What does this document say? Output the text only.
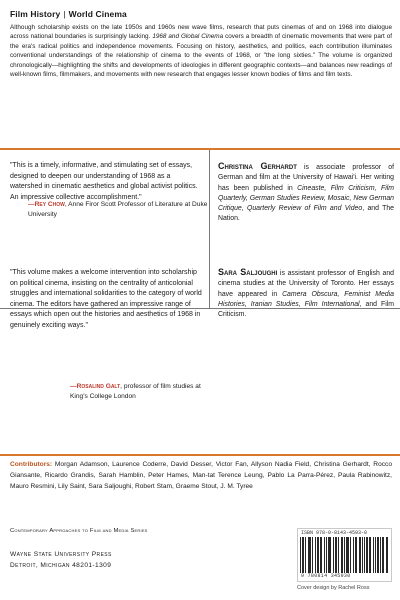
Film History | World Cinema
Although scholarship exists on the late 1950s and 1960s new wave films, research that puts cinemas of and on 1968 into dialogue across national boundaries is surprisingly lacking. 1968 and Global Cinema covers a breadth of cinematic movements that were part of the era's radical politics and independence movements. Focusing on history, aesthetics, and politics, each contribution illuminates conventional understandings of the relationship of cinema to the events of 1968, or "the long sixties." The volume is organized chronologically—highlighting the shifts and developments of ideologies in different geographic contexts—and balances new readings of well-known films, filmmakers, and movements with new research that engages lesser known bodies of films and film texts.
"This is a timely, informative, and stimulating set of essays, designed to deepen our understanding of 1968 as a watershed in cinematic aesthetics and global activist politics. An impressive collective accomplishment."
—Rey Chow, Anne Firor Scott Professor of Literature at Duke University
"This volume makes a welcome intervention into scholarship on political cinema, insisting on the centrality of anticolonial struggles and international solidarities to the category of world cinema. The editors have gathered an impressive range of essays which open out the histories and aesthetics of 1968 in genuinely exciting ways."
—Rosalind Galt, professor of film studies at King's College London
Christina Gerhardt is associate professor of German and film at the University of Hawai'i. Her writing has been published in Cineaste, Film Criticism, Film Quarterly, German Studies Review, Mosaic, New German Critique, Quarterly Review of Film and Video, and The Nation.
Sara Saljoughi is assistant professor of English and cinema studies at the University of Toronto. Her essays have appeared in Camera Obscura, Feminist Media Histories, Iranian Studies, Film International, and Film Criticism.
Contributors: Morgan Adamson, Laurence Coderre, David Desser, Victor Fan, Allyson Nadia Field, Christina Gerhardt, Rocco Giansante, Ricardo Grandis, Sarah Hamblin, Peter Hames, Man-tat Terence Leung, Pablo La Parra-Pérez, Paula Rabinowitz, Mauro Resmini, Lily Saint, Sara Saljoughi, Robert Stam, Graeme Stout, J. M. Tyree
Contemporary Approaches to Film and Media Series
Wayne State University Press
Detroit, Michigan 48201-1309
ISBN 978-0-8143-4593-0
9 780814 345930
Cover design by Rachel Ross
